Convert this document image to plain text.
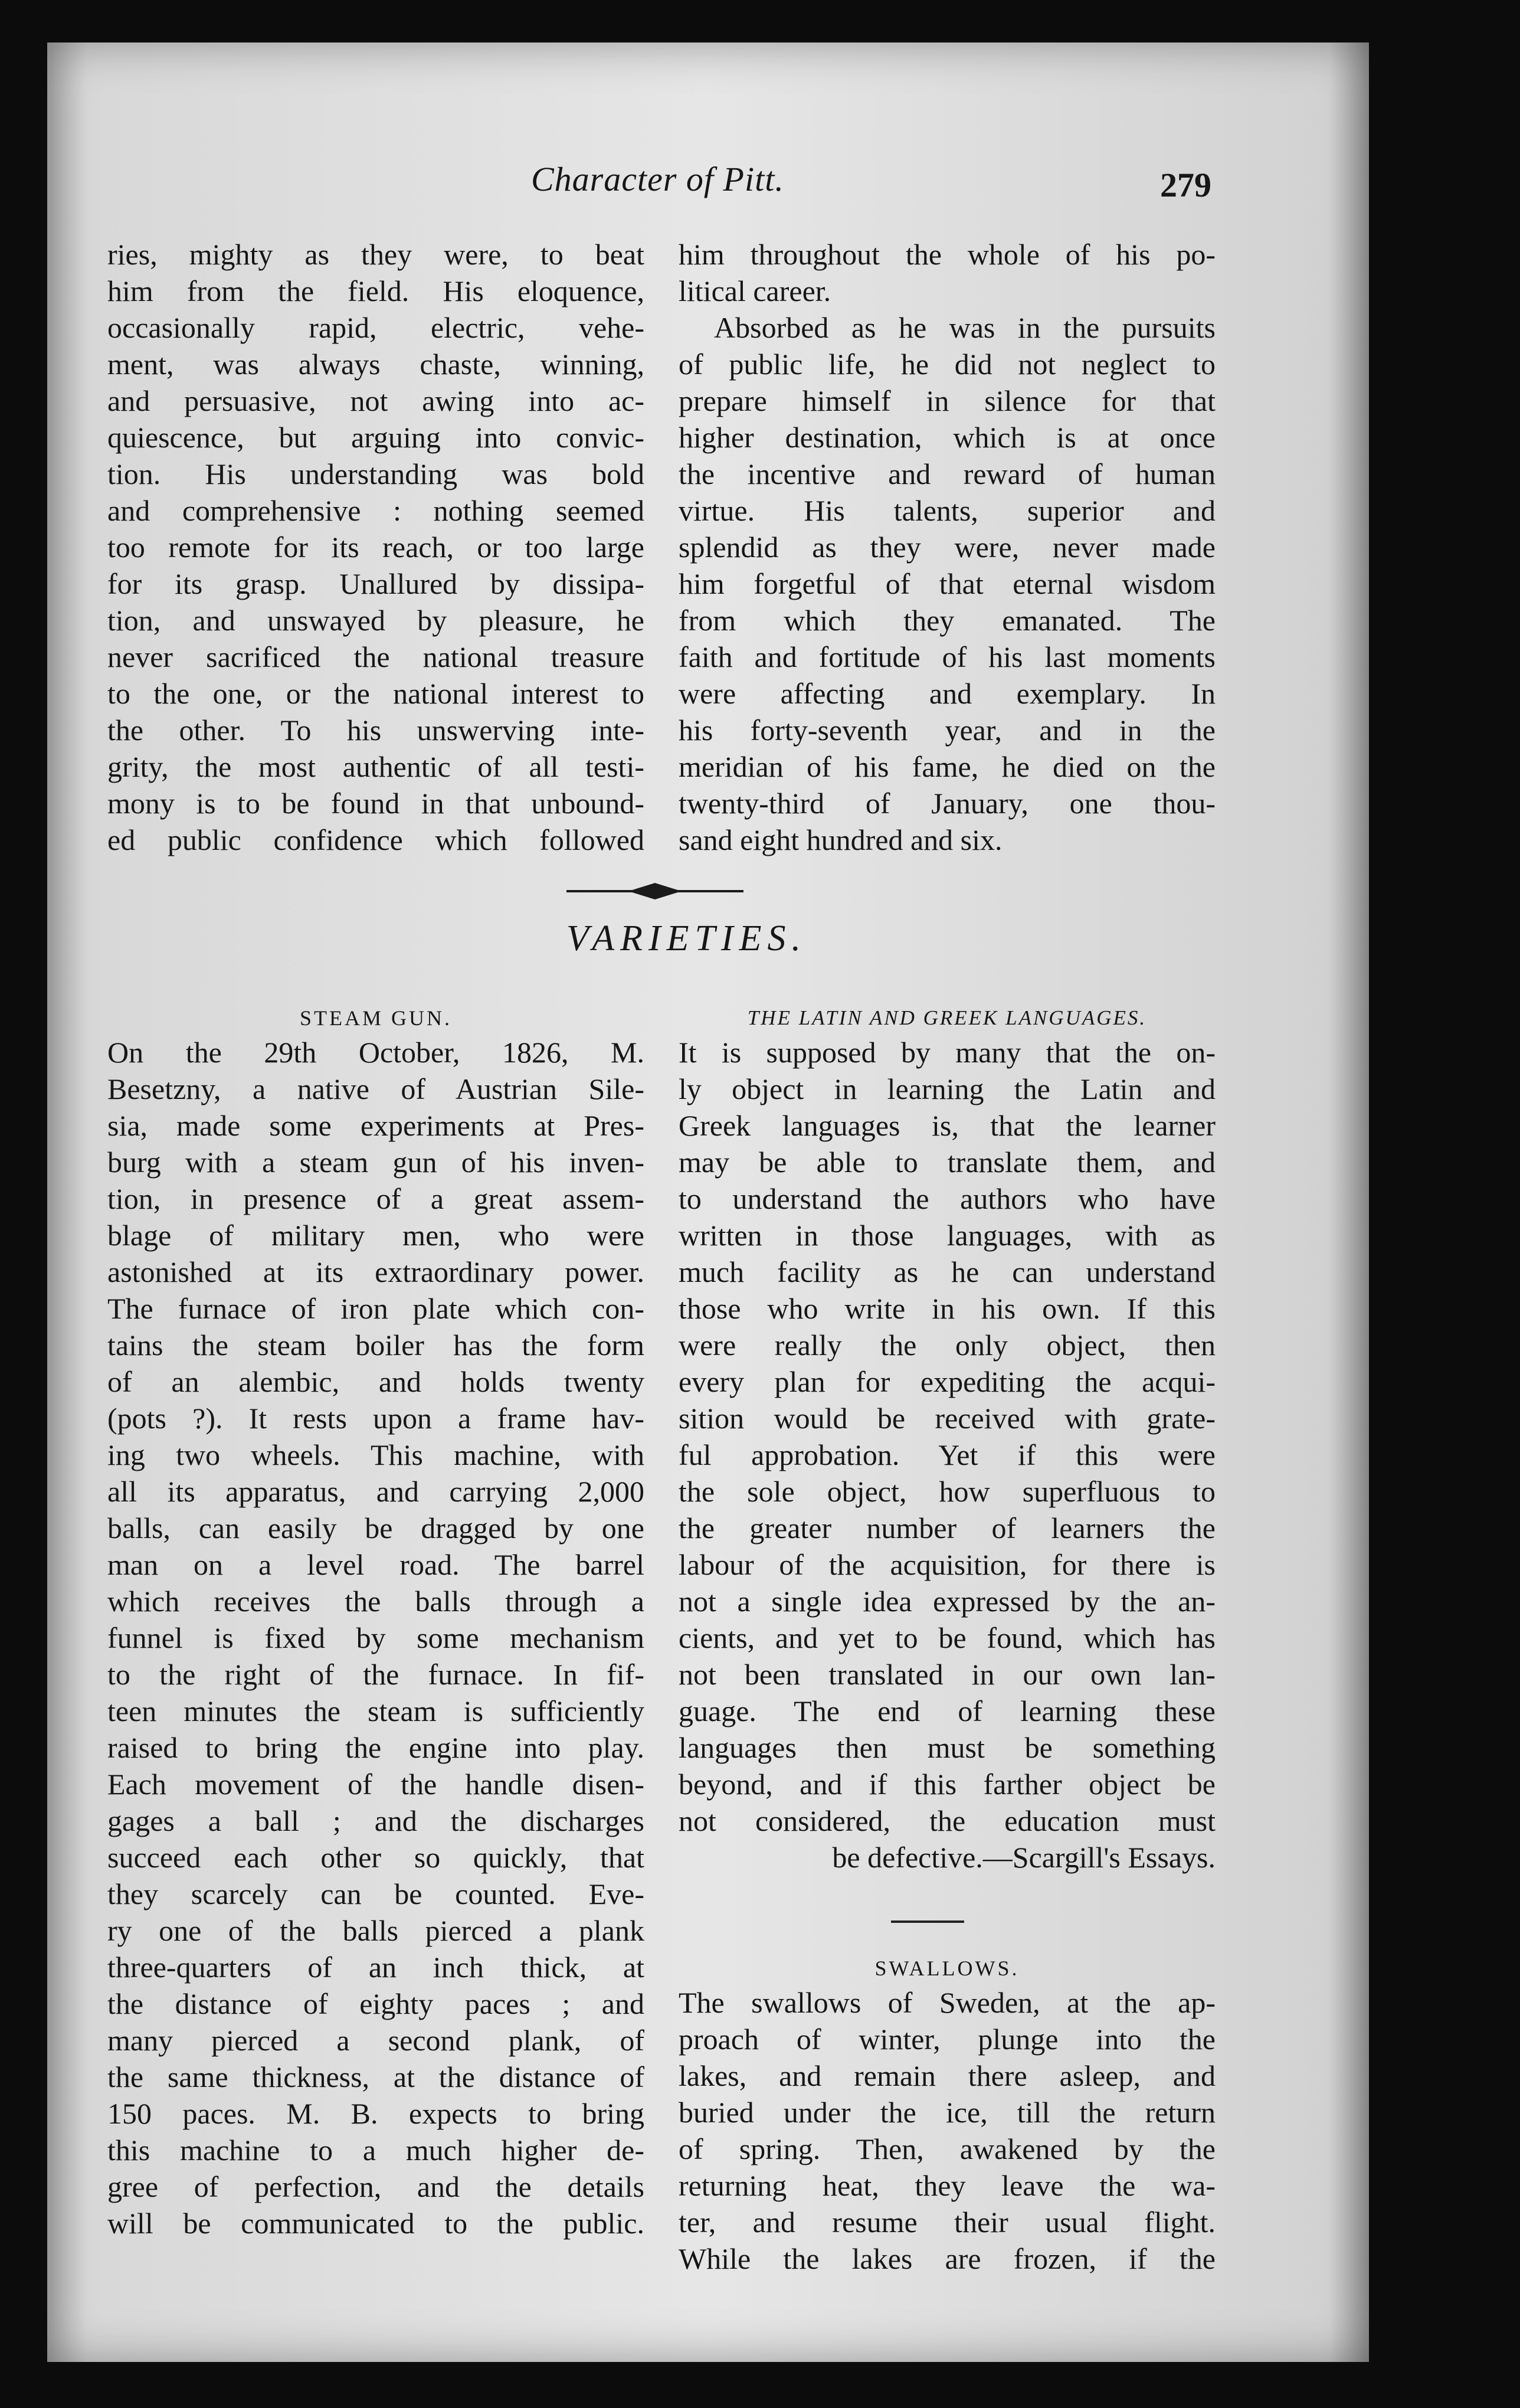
Character of Pitt.	279
ries, mighty as they were, to beat
him from the field. His eloquence,
occasionally rapid, electric, vehe-
ment, was always chaste, winning,
and persuasive, not awing into ac-
quiescence, but arguing into convic-
tion. His understanding was bold
and comprehensive : nothing seemed
too remote for its reach, or too large
for its grasp. Unallured by dissipa-
tion, and unswayed by pleasure, he
never sacrificed the national treasure
to the one, or the national interest to
the other. To his unswerving inte-
grity, the most authentic of all testi-
mony is to be found in that unbound-
ed public confidence which followed
him throughout the whole of his po-
litical career.
Absorbed as he was in the pursuits
of public life, he did not neglect to
prepare himself in silence for that
higher destination, which is at once
the incentive and reward of human
virtue. His talents, superior and
splendid as they were, never made
him forgetful of that eternal wisdom
from which they emanated. The
faith and fortitude of his last moments
were affecting and exemplary. In
his forty-seventh year, and in the
meridian of his fame, he died on the
twenty-third of January, one thou-
sand eight hundred and six.
VARIETIES.
STEAM GUN.
On the 29th October, 1826, M.
Besetzny, a native of Austrian Sile-
sia, made some experiments at Pres-
burg with a steam gun of his inven-
tion, in presence of a great assem-
blage of military men, who were
astonished at its extraordinary power.
The furnace of iron plate which con-
tains the steam boiler has the form
of an alembic, and holds twenty
(pots ?). It rests upon a frame hav-
ing two wheels. This machine, with
all its apparatus, and carrying 2,000
balls, can easily be dragged by one
man on a level road. The barrel
which receives the balls through a
funnel is fixed by some mechanism
to the right of the furnace. In fif-
teen minutes the steam is sufficiently
raised to bring the engine into play.
Each movement of the handle disen-
gages a ball ; and the discharges
succeed each other so quickly, that
they scarcely can be counted. Eve-
ry one of the balls pierced a plank
three-quarters of an inch thick, at
the distance of eighty paces ; and
many pierced a second plank, of
the same thickness, at the distance of
150 paces. M. B. expects to bring
this machine to a much higher de-
gree of perfection, and the details
will be communicated to the public.
THE LATIN AND GREEK LANGUAGES.
It is supposed by many that the on-
ly object in learning the Latin and
Greek languages is, that the learner
may be able to translate them, and
to understand the authors who have
written in those languages, with as
much facility as he can understand
those who write in his own. If this
were really the only object, then
every plan for expediting the acqui-
sition would be received with grate-
ful approbation. Yet if this were
the sole object, how superfluous to
the greater number of learners the
labour of the acquisition, for there is
not a single idea expressed by the an-
cients, and yet to be found, which has
not been translated in our own lan-
guage. The end of learning these
languages then must be something
beyond, and if this farther object be
not considered, the education must
be defective.—Scargill's Essays.
SWALLOWS.
The swallows of Sweden, at the ap-
proach of winter, plunge into the
lakes, and remain there asleep, and
buried under the ice, till the return
of spring. Then, awakened by the
returning heat, they leave the wa-
ter, and resume their usual flight.
While the lakes are frozen, if the
